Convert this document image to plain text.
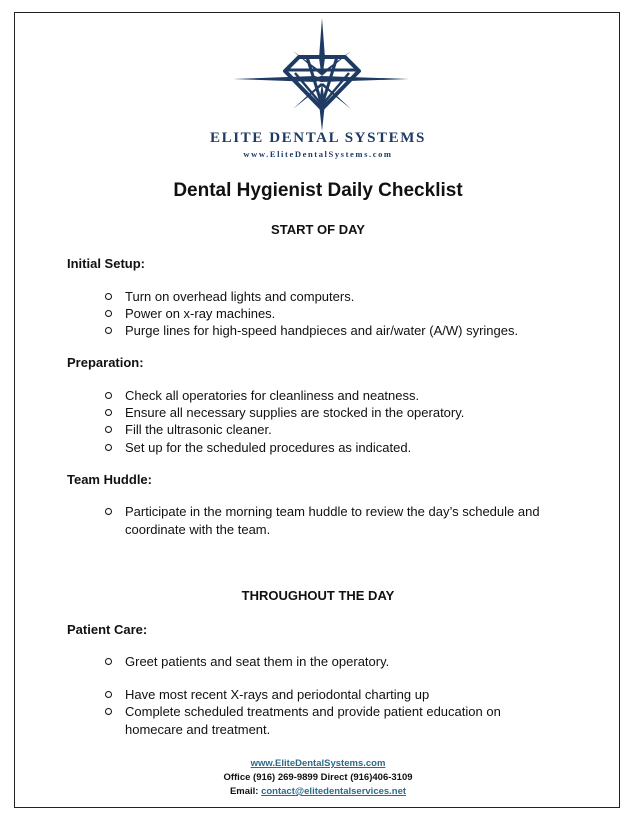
ELITE DENTAL SYSTEMS
www.EliteDentalSystems.com
Dental Hygienist Daily Checklist
START OF DAY
Initial Setup:
Turn on overhead lights and computers.
Power on x-ray machines.
Purge lines for high-speed handpieces and air/water (A/W) syringes.
Preparation:
Check all operatories for cleanliness and neatness.
Ensure all necessary supplies are stocked in the operatory.
Fill the ultrasonic cleaner.
Set up for the scheduled procedures as indicated.
Team Huddle:
Participate in the morning team huddle to review the day’s schedule and coordinate with the team.
THROUGHOUT THE DAY
Patient Care:
Greet patients and seat them in the operatory.
Have most recent X-rays and periodontal charting up
Complete scheduled treatments and provide patient education on homecare and treatment.
www.EliteDentalSystems.com
Office (916) 269-9899 Direct (916)406-3109
Email: contact@elitedentalservices.net
